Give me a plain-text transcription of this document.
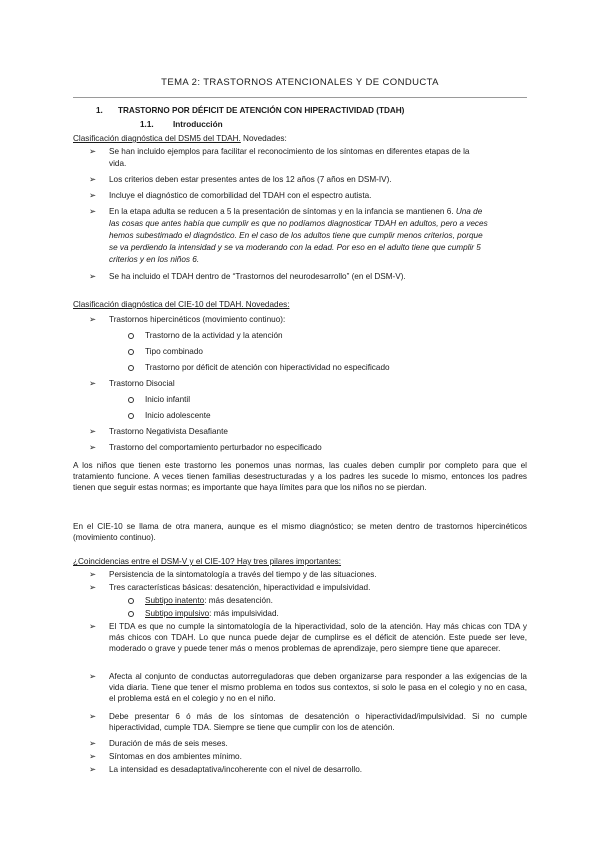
TEMA 2: TRASTORNOS ATENCIONALES Y DE CONDUCTA
1. TRASTORNO POR DÉFICIT DE ATENCIÓN CON HIPERACTIVIDAD (TDAH)
1.1. Introducción
Clasificación diagnóstica del DSM5 del TDAH. Novedades:
➢ Se han incluido ejemplos para facilitar el reconocimiento de los síntomas en diferentes etapas de la
vida.
➢ Los criterios deben estar presentes antes de los 12 años (7 años en DSM-IV).
➢ Incluye el diagnóstico de comorbilidad del TDAH con el espectro autista.
➢ En la etapa adulta se reducen a 5 la presentación de síntomas y en la infancia se mantienen 6. Una de
las cosas que antes había que cumplir es que no podíamos diagnosticar TDAH en adultos, pero a veces
hemos subestimado el diagnóstico. En el caso de los adultos tiene que cumplir menos criterios, porque
se va perdiendo la intensidad y se va moderando con la edad. Por eso en el adulto tiene que cumplir 5
criterios y en los niños 6.
➢ Se ha incluido el TDAH dentro de “Trastornos del neurodesarrollo” (en el DSM-V).
Clasificación diagnóstica del CIE-10 del TDAH. Novedades:
➢ Trastornos hipercinéticos (movimiento continuo):
Trastorno de la actividad y la atención
Tipo combinado
Trastorno por déficit de atención con hiperactividad no especificado
➢ Trastorno Disocial
Inicio infantil
Inicio adolescente
➢ Trastorno Negativista Desafiante
➢ Trastorno del comportamiento perturbador no especificado
A los niños que tienen este trastorno les ponemos unas normas, las cuales deben cumplir por completo para que el tratamiento funcione. A veces tienen familias desestructuradas y a los padres les sucede lo mismo, entonces los padres tienen que seguir estas normas; es importante que haya límites para que los niños no se pierdan.
En el CIE-10 se llama de otra manera, aunque es el mismo diagnóstico; se meten dentro de trastornos hipercinéticos (movimiento continuo).
¿Coincidencias entre el DSM-V y el CIE-10? Hay tres pilares importantes:
➢ Persistencia de la sintomatología a través del tiempo y de las situaciones.
➢ Tres características básicas: desatención, hiperactividad e impulsividad.
Subtipo inatento: más desatención.
Subtipo impulsivo: más impulsividad.
➢ El TDA es que no cumple la sintomatología de la hiperactividad, solo de la atención. Hay más chicas con TDA y más chicos con TDAH. Lo que nunca puede dejar de cumplirse es el déficit de atención. Este puede ser leve, moderado o grave y puede tener más o menos problemas de aprendizaje, pero siempre tiene que aparecer.
➢ Afecta al conjunto de conductas autorreguladoras que deben organizarse para responder a las exigencias de la vida diaria. Tiene que tener el mismo problema en todos sus contextos, si solo le pasa en el colegio y no en casa, el problema está en el colegio y no en el niño.
➢ Debe presentar 6 ó más de los síntomas de desatención o hiperactividad/impulsividad. Si no cumple hiperactividad, cumple TDA. Siempre se tiene que cumplir con los de atención.
➢ Duración de más de seis meses.
➢ Síntomas en dos ambientes mínimo.
➢ La intensidad es desadaptativa/incoherente con el nivel de desarrollo.
